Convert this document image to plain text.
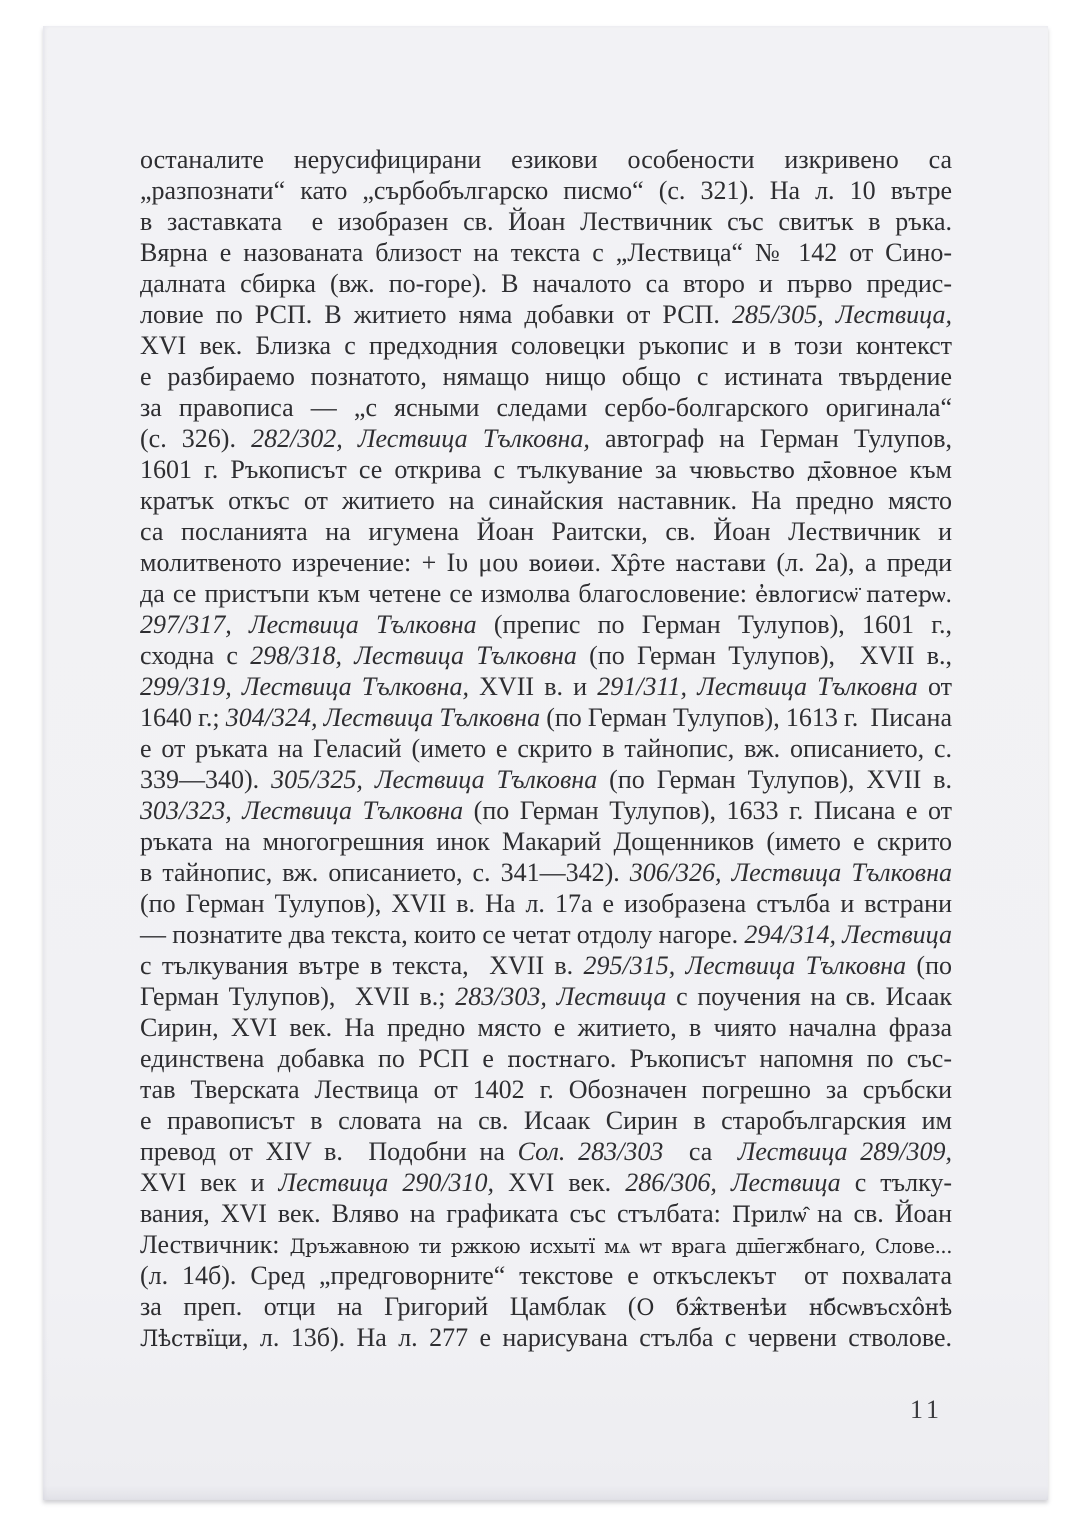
останалите нерусифицирани езикови особености изкривено са
„разпознати“ като „сърбобългарско писмо“ (с. 321). На л. 10 вътре
в заставката  е изобразен св. Йоан Лествичник със свитък в ръка.
Вярна е назованата близост на текста с „Лествица“ № 142 от Сино-
далната сбирка (вж. по-горе). В началото са второ и първо предис-
ловие по РСП. В житието няма добавки от РСП. 285/305, Лествица,
XVI век. Близка с предходния соловецки ръкопис и в този контекст
е разбираемо познатото, нямащо нищо общо с истината твърдение
за правописа — „с ясными следами сербо-болгарского оригинала“
(с. 326). 282/302, Лествица Тълковна, автограф на Герман Тулупов,
1601 г. Ръкописът се открива с тълкувание за чювьство дх̄овное към
кратък откъс от житието на синайския наставник. На предно място
са посланията на игумена Йоан Раитски, св. Йоан Лествичник и
молитвеното изречение: + Iυ μου воиѳи. Хр̑те настави (л. 2а), а преди
да се пристъпи към четене се измолва благословение: е̓влогисѡ̈ патерѡ.
297/317, Лествица Тълковна (препис по Герман Тулупов), 1601 г.,
сходна с 298/318, Лествица Тълковна (по Герман Тулупов),  XVII в.,
299/319, Лествица Тълковна, XVII в. и 291/311, Лествица Тълковна от
1640 г.; 304/324, Лествица Тълковна (по Герман Тулупов), 1613 г.  Писана
е от ръката на Геласий (името е скрито в тайнопис, вж. описанието, с.
339—340). 305/325, Лествица Тълковна (по Герман Тулупов), XVII в.
303/323, Лествица Тълковна (по Герман Тулупов), 1633 г. Писана е от
ръката на многогрешния инок Макарий Дощенников (името е скрито
в тайнопис, вж. описанието, с. 341—342). 306/326, Лествица Тълковна
(по Герман Тулупов), XVII в. На л. 17а е изобразена стълба и встрани
— познатите два текста, които се четат отдолу нагоре. 294/314, Лествица
с тълкувания вътре в текста,  XVII в. 295/315, Лествица Тълковна (по
Герман Тулупов),  XVII в.; 283/303, Лествица с поучения на св. Исаак
Сирин, XVI век. На предно място е житието, в чиято начална фраза
единствена добавка по РСП е постнаго. Ръкописът напомня по със-
тав Тверската Лествица от 1402 г. Обозначен погрешно за сръбски
е правописът в словата на св. Исаак Сирин в старобългарския им
превод от XIV в.  Подобни на Сол. 283/303  са  Лествица 289/309,
XVI век и Лествица 290/310, XVI век. 286/306, Лествица с тълку-
вания, XVI век. Вляво на графиката със стълбата: Прилѡ̂ на св. Йоан
Лествичник: Дръжавною ти ржкою исхытї мѧ ѡт врага дш̄егжбнаго, Слове...
(л. 14б). Сред „предговорните“ текстове е откъслекът  от похвалата
за преп. отци на Григорий Цамблак (О бж̂твенѣи нб̄сѡвъсхо̂нѣ
Лѣствїци, л. 13б). На л. 277 е нарисувана стълба с червени стволове.
11
